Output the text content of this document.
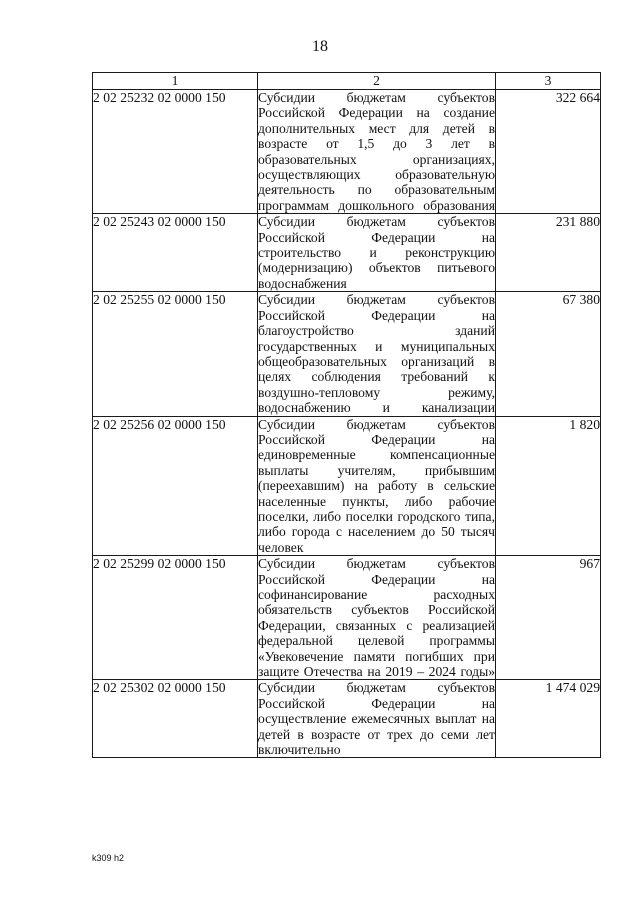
18
1	2	3
2 02 25232 02 0000 150	Субсидии бюджетам субъектов Российской Федерации на создание дополнительных мест для детей в возрасте от 1,5 до 3 лет в образовательных организациях, осуществляющих образовательную деятельность по образовательным программам дошкольного образования	322 664
2 02 25243 02 0000 150	Субсидии бюджетам субъектов Российской Федерации на строительство и реконструкцию (модернизацию) объектов питьевого водоснабжения	231 880
2 02 25255 02 0000 150	Субсидии бюджетам субъектов Российской Федерации на благоустройство зданий государственных и муниципальных общеобразовательных организаций в целях соблюдения требований к воздушно-тепловому режиму, водоснабжению и канализации	67 380
2 02 25256 02 0000 150	Субсидии бюджетам субъектов Российской Федерации на единовременные компенсационные выплаты учителям, прибывшим (переехавшим) на работу в сельские населенные пункты, либо рабочие поселки, либо поселки городского типа, либо города с населением до 50 тысяч человек	1 820
2 02 25299 02 0000 150	Субсидии бюджетам субъектов Российской Федерации на софинансирование расходных обязательств субъектов Российской Федерации, связанных с реализацией федеральной целевой программы «Увековечение памяти погибших при защите Отечества на 2019 – 2024 годы»	967
2 02 25302 02 0000 150	Субсидии бюджетам субъектов Российской Федерации на осуществление ежемесячных выплат на детей в возрасте от трех до семи лет включительно	1 474 029
k309 h2
